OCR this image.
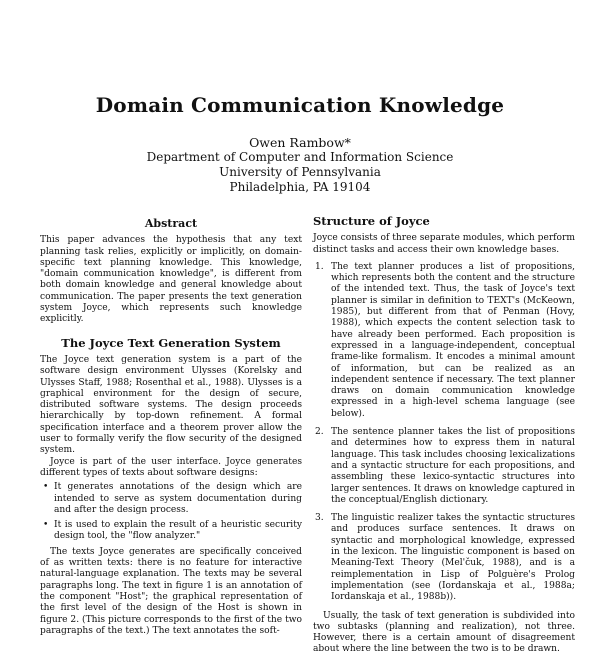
Domain Communication Knowledge
Owen Rambow*
Department of Computer and Information Science
University of Pennsylvania
Philadelphia, PA 19104
Abstract

This paper advances the hypothesis that any text planning task relies, explicitly or implicitly, on domain-specific text planning knowledge. This knowledge, "domain communication knowledge", is different from both domain knowledge and general knowledge about communication. The paper presents the text generation system Joyce, which represents such knowledge explicitly.

The Joyce Text Generation System

The Joyce text generation system is a part of the software design environment Ulysses (Korelsky and Ulysses Staff, 1988; Rosenthal et al., 1988). Ulysses is a graphical environment for the design of secure, distributed software systems. The design proceeds hierarchically by top-down refinement. A formal specification interface and a theorem prover allow the user to formally verify the flow security of the designed system.

Joyce is part of the user interface. Joyce generates different types of texts about software designs:

• It generates annotations of the design which are intended to serve as system documentation during and after the design process.
• It is used to explain the result of a heuristic security design tool, the "flow analyzer."

The texts Joyce generates are specifically conceived of as written texts: there is no feature for interactive natural-language explanation. The texts may be several paragraphs long. The text in figure 1 is an annotation of the component "Host"; the graphical representation of the first level of the design of the Host is shown in figure 2. (This picture corresponds to the first of the two paragraphs of the text.) The text annotates the soft-

Structure of Joyce

Joyce consists of three separate modules, which perform distinct tasks and access their own knowledge bases.

1. The text planner produces a list of propositions, which represents both the content and the structure of the intended text. Thus, the task of Joyce's text planner is similar in definition to TEXT's (McKeown, 1985), but different from that of Penman (Hovy, 1988), which expects the content selection task to have already been performed. Each proposition is expressed in a language-independent, conceptual frame-like formalism. It encodes a minimal amount of information, but can be realized as an independent sentence if necessary. The text planner draws on domain communication knowledge expressed in a high-level schema language (see below).
2. The sentence planner takes the list of propositions and determines how to express them in natural language. This task includes choosing lexicalizations and a syntactic structure for each propositions, and assembling these lexico-syntactic structures into larger sentences. It draws on knowledge captured in the conceptual/English dictionary.
3. The linguistic realizer takes the syntactic structures and produces surface sentences. It draws on syntactic and morphological knowledge, expressed in the lexicon. The linguistic component is based on Meaning-Text Theory (Mel'čuk, 1988), and is a reimplementation in Lisp of Polguère's Prolog implementation (see (Iordanskaja et al., 1988a; Iordanskaja et al., 1988b)).

Usually, the task of text generation is subdivided into two subtasks (planning and realization), not three. However, there is a certain amount of disagreement about where the line between the two is to be drawn.
